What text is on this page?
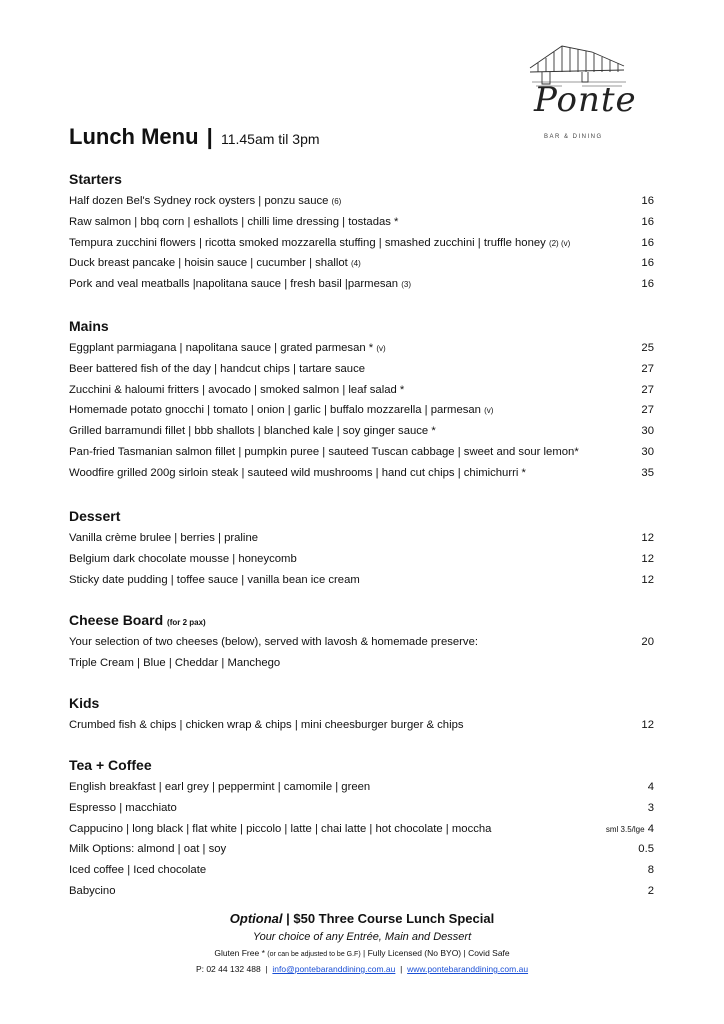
Ponte
BAR & DINING
Lunch Menu | 11.45am til 3pm
Starters
Half dozen Bel's Sydney rock oysters | ponzu sauce (6)	16
Raw salmon | bbq corn | eshallots | chilli lime dressing | tostadas *	16
Tempura zucchini flowers | ricotta smoked mozzarella stuffing | smashed zucchini | truffle honey (2) (v)	16
Duck breast pancake | hoisin sauce | cucumber | shallot (4)	16
Pork and veal meatballs |napolitana sauce | fresh basil |parmesan (3)	16
Mains
Eggplant parmiagana | napolitana sauce | grated parmesan * (v)	25
Beer battered fish of the day | handcut chips | tartare sauce	27
Zucchini & haloumi fritters | avocado | smoked salmon | leaf salad *	27
Homemade potato gnocchi | tomato | onion | garlic | buffalo mozzarella | parmesan (v)	27
Grilled barramundi fillet | bbb shallots | blanched kale | soy ginger sauce *	30
Pan-fried Tasmanian salmon fillet | pumpkin puree | sauteed Tuscan cabbage | sweet and sour lemon*	30
Woodfire grilled 200g sirloin steak | sauteed wild mushrooms | hand cut chips | chimichurri *	35
Dessert
Vanilla crème brulee | berries | praline	12
Belgium dark chocolate mousse | honeycomb	12
Sticky date pudding | toffee sauce | vanilla bean ice cream	12
Cheese Board (for 2 pax)
Your selection of two cheeses (below), served with lavosh & homemade preserve:	20
Triple Cream | Blue | Cheddar | Manchego
Kids
Crumbed fish & chips | chicken wrap & chips | mini cheesburger burger & chips	12
Tea + Coffee
English breakfast | earl grey | peppermint | camomile | green	4
Espresso | macchiato	3
Cappucino | long black | flat white | piccolo | latte | chai latte | hot chocolate | moccha	sml 3.5/lge 4
Milk Options: almond | oat | soy	0.5
Iced coffee | Iced chocolate	8
Babycino	2
Optional | $50 Three Course Lunch Special
Your choice of any Entrée, Main and Dessert
Gluten Free * (or can be adjusted to be G.F) | Fully Licensed (No BYO) | Covid Safe
P: 02 44 132 488 | info@pontebaranddining.com.au | www.pontebaranddining.com.au
